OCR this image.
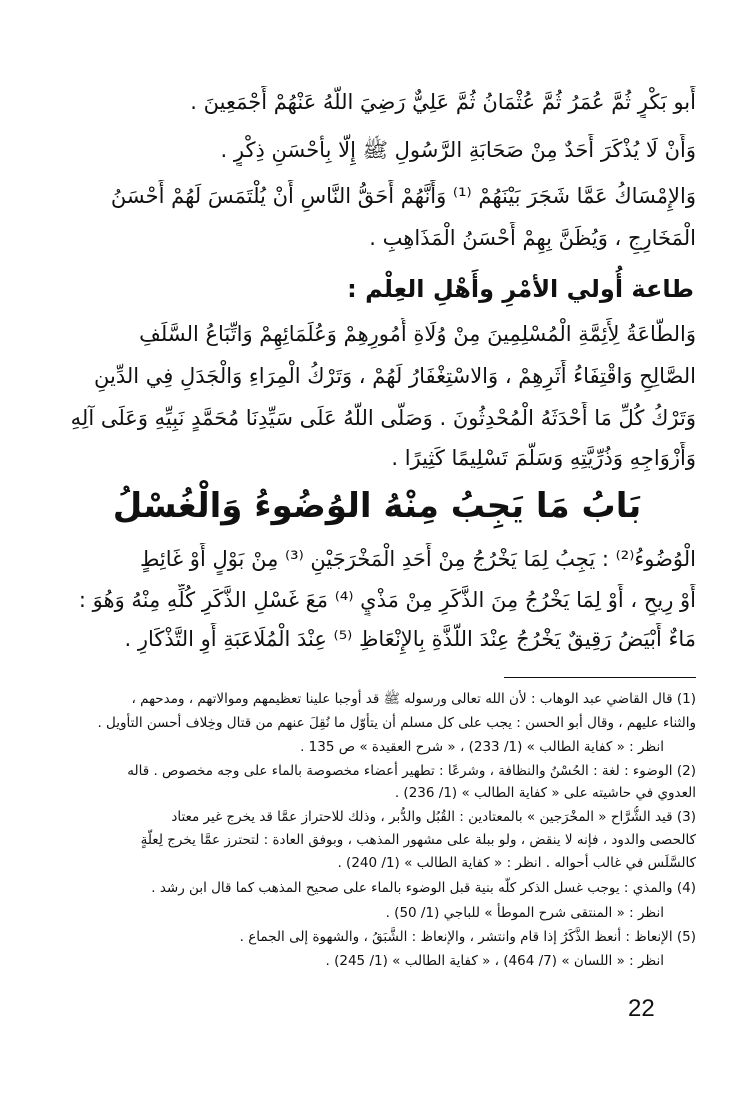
أَبو بَكْرٍ ثُمَّ عُمَرُ ثُمَّ عُثْمَانُ ثُمَّ عَلِيٌّ رَضِيَ اللَّهُ عَنْهُمْ أَجْمَعِينَ .
وَأَنْ لَا يُذْكَرَ أَحَدٌ مِنْ صَحَابَةِ الرَّسُولِ ﷺ إِلَّا بِأَحْسَنِ ذِكْرٍ .
وَالإِمْسَاكُ عَمَّا شَجَرَ بَيْنَهُمْ ⁽¹⁾ وَأَنَّهُمْ أَحَقُّ النَّاسِ أَنْ يُلْتَمَسَ لَهُمْ أَحْسَنُ
الْمَخَارِجِ ، وَيُظَنَّ بِهِمْ أَحْسَنُ الْمَذَاهِبِ .
طاعة أُولي الأمْرِ وأَهْلِ العِلْم :
وَالطَّاعَةُ لِأَئِمَّةِ الْمُسْلِمِينَ مِنْ وُلَاةِ أُمُورِهِمْ وَعُلَمَائِهِمْ وَاتِّبَاعُ السَّلَفِ
الصَّالِحِ وَاقْتِفَاءُ أَثَرِهِمْ ، وَالاسْتِغْفَارُ لَهُمْ ، وَتَرْكُ الْمِرَاءِ وَالْجَدَلِ فِي الدِّينِ
وَتَرْكُ كُلِّ مَا أَحْدَثَهُ الْمُحْدِثُونَ . وَصَلَّى اللَّهُ عَلَى سَيِّدِنَا مُحَمَّدٍ نَبِيِّهِ وَعَلَى آلِهِ
وَأَزْوَاجِهِ وَذُرِّيَّتِهِ وَسَلَّمَ تَسْلِيمًا كَثِيرًا .
بَابُ مَا يَجِبُ مِنْهُ الوُضُوءُ وَالْغُسْلُ
الْوُضُوءُ⁽²⁾ : يَجِبُ لِمَا يَخْرُجُ مِنْ أَحَدِ الْمَخْرَجَيْنِ ⁽³⁾ مِنْ بَوْلٍ أَوْ غَائِطٍ
أَوْ رِيحٍ ، أَوْ لِمَا يَخْرُجُ مِنَ الذَّكَرِ مِنْ مَذْيٍ ⁽⁴⁾ مَعَ غَسْلِ الذَّكَرِ كُلِّهِ مِنْهُ وَهُوَ :
مَاءٌ أَبْيَضُ رَقِيقٌ يَخْرُجُ عِنْدَ اللَّذَّةِ بِالإِنْعَاظِ ⁽⁵⁾ عِنْدَ الْمُلَاعَبَةِ أَوِ التَّذْكَارِ .
(1) قال القاضي عبد الوهاب : لأن الله تعالى ورسوله ﷺ قد أوجبا علينا تعظيمهم وموالاتهم ، ومدحهم ،
والثناء عليهم ، وقال أبو الحسن : يجب على كل مسلم أن يتأوّل ما نُقِلَ عنهم من قتال وخِلاف أحسن التأويل .
انظر : « كفاية الطالب » (1/ 233) ، « شرح العقيدة » ص 135 .
(2) الوضوء : لغة : الحُسْنُ والنظافة ، وشرعًا : تطهير أعضاء مخصوصة بالماء على وجه مخصوص . قاله
العدوي في حاشيته على « كفاية الطالب » (1/ 236) .
(3) قيد الشُّرَّاح « المخْرَجين » بالمعتادين : القُبُل والدُّبر ، وذلك للاحتراز عمَّا قد يخرج غير معتاد
كالحصى والدود ، فإنه لا ينقض ، ولو ببلة على مشهور المذهب ، وبوفق العادة : لتحترز عمَّا يخرج لِعلَّةٍ
كالسَّلَس في غالب أحواله . انظر : « كفاية الطالب » (1/ 240) .
(4) والمذي : يوجب غسل الذكر كلّه بنية قبل الوضوء بالماء على صحيح المذهب كما قال ابن رشد .
انظر : « المنتقى شرح الموطأ » للباجي (1/ 50) .
(5) الإنعاظ : أنعظ الذَّكَرُ إذا قام وانتشر ، والإنعاظ : الشَّبَقُ ، والشهوة إلى الجماع .
انظر : « اللسان » (7/ 464) ، « كفاية الطالب » (1/ 245) .
22
